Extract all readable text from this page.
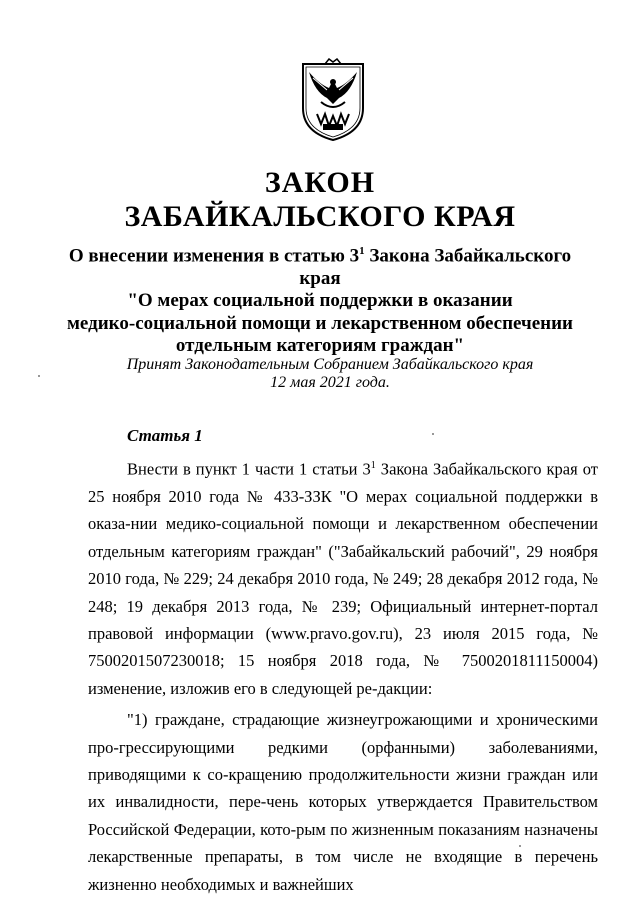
ЗАКОН
ЗАБАЙКАЛЬСКОГО КРАЯ
О внесении изменения в статью $3^1$ Закона Забайкальского края
"О мерах социальной поддержки в оказании
медико-социальной помощи и лекарственном обеспечении
отдельным категориям граждан"
Принят Законодательным Собранием Забайкальского края
12 мая 2021 года.
Статья 1

Внести в пункт 1 части 1 статьи $3^1$ Закона Забайкальского края от 25 ноября 2010 года № 433-ЗЗК "О мерах социальной поддержки в оказа-нии медико-социальной помощи и лекарственном обеспечении отдельным категориям граждан" ("Забайкальский рабочий", 29 ноября 2010 года, № 229; 24 декабря 2010 года, № 249; 28 декабря 2012 года, № 248; 19 декабря 2013 года, № 239; Официальный интернет-портал правовой информации (www.pravo.gov.ru), 23 июля 2015 года, № 7500201507230018; 15 ноября 2018 года, № 7500201811150004) изменение, изложив его в следующей ре-дакции:

"1) граждане, страдающие жизнеугрожающими и хроническими про-грессирующими редкими (орфанными) заболеваниями, приводящими к со-кращению продолжительности жизни граждан или их инвалидности, пере-чень которых утверждается Правительством Российской Федерации, кото-рым по жизненным показаниям назначены лекарственные препараты, в том числе не входящие в перечень жизненно необходимых и важнейших
